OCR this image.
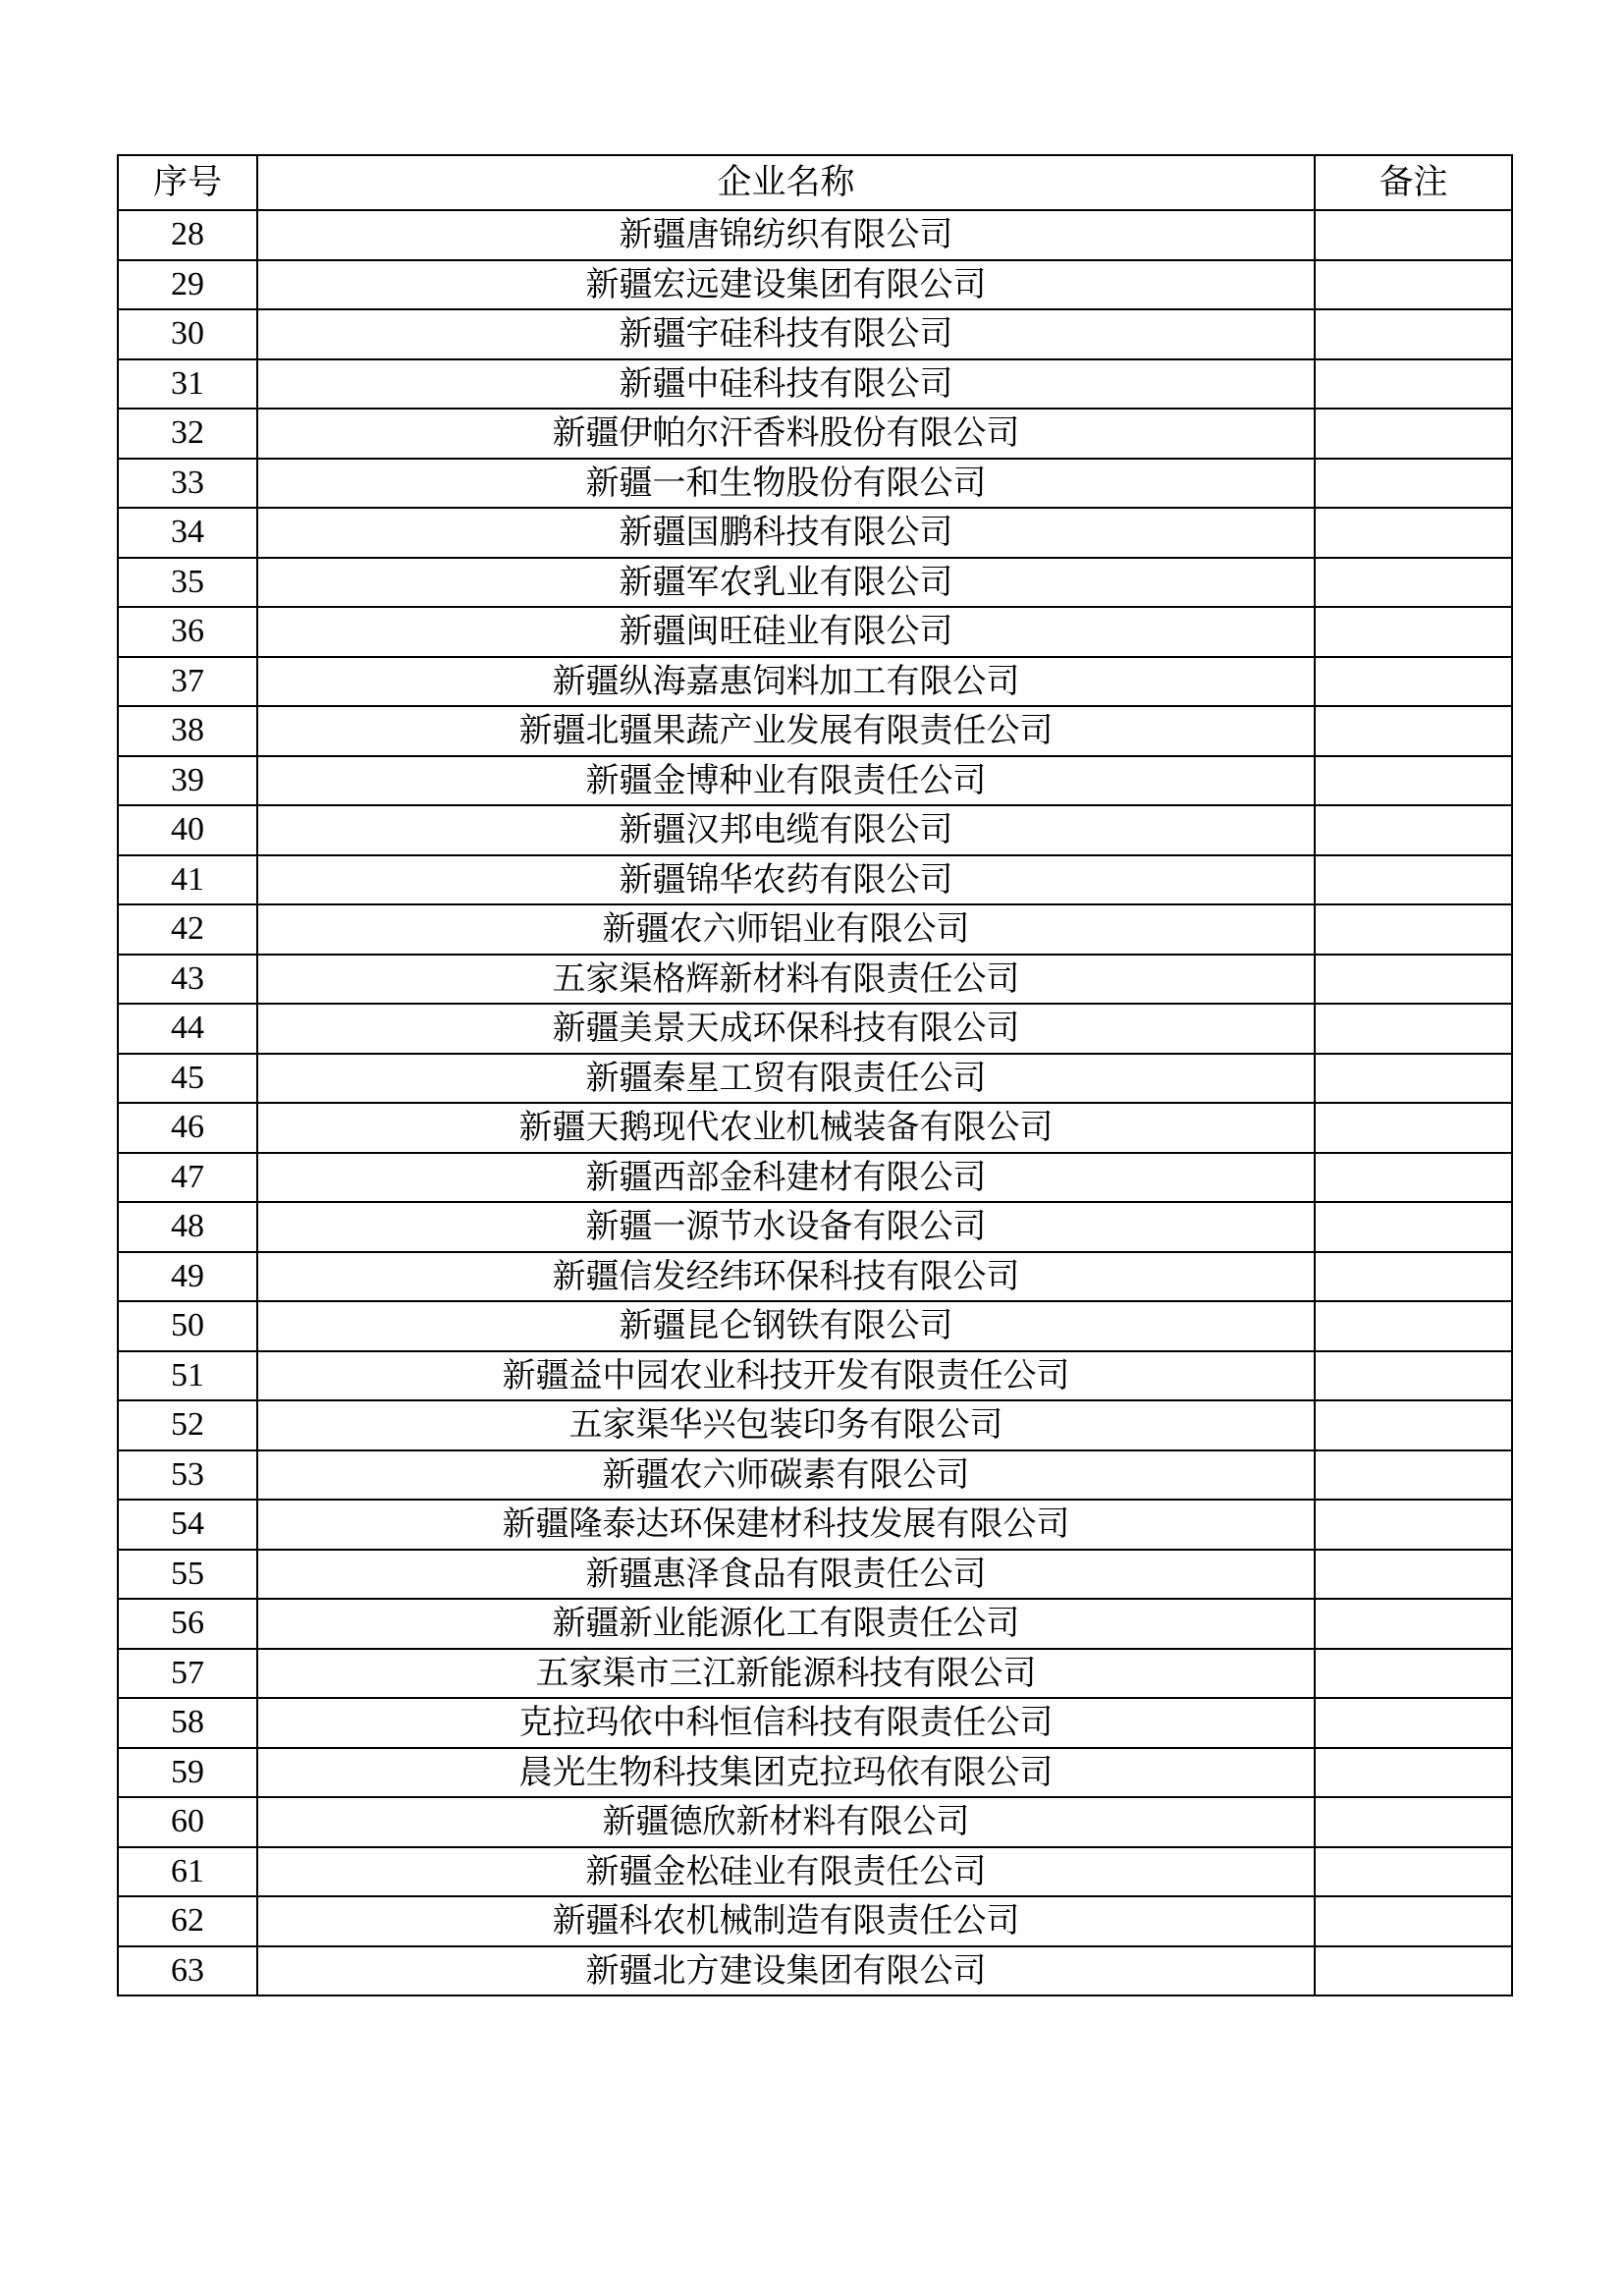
序号	企业名称	备注
28	新疆唐锦纺织有限公司	
29	新疆宏远建设集团有限公司	
30	新疆宇硅科技有限公司	
31	新疆中硅科技有限公司	
32	新疆伊帕尔汗香料股份有限公司	
33	新疆一和生物股份有限公司	
34	新疆国鹏科技有限公司	
35	新疆军农乳业有限公司	
36	新疆闽旺硅业有限公司	
37	新疆纵海嘉惠饲料加工有限公司	
38	新疆北疆果蔬产业发展有限责任公司	
39	新疆金博种业有限责任公司	
40	新疆汉邦电缆有限公司	
41	新疆锦华农药有限公司	
42	新疆农六师铝业有限公司	
43	五家渠格辉新材料有限责任公司	
44	新疆美景天成环保科技有限公司	
45	新疆秦星工贸有限责任公司	
46	新疆天鹅现代农业机械装备有限公司	
47	新疆西部金科建材有限公司	
48	新疆一源节水设备有限公司	
49	新疆信发经纬环保科技有限公司	
50	新疆昆仑钢铁有限公司	
51	新疆益中园农业科技开发有限责任公司	
52	五家渠华兴包装印务有限公司	
53	新疆农六师碳素有限公司	
54	新疆隆泰达环保建材科技发展有限公司	
55	新疆惠泽食品有限责任公司	
56	新疆新业能源化工有限责任公司	
57	五家渠市三江新能源科技有限公司	
58	克拉玛依中科恒信科技有限责任公司	
59	晨光生物科技集团克拉玛依有限公司	
60	新疆德欣新材料有限公司	
61	新疆金松硅业有限责任公司	
62	新疆科农机械制造有限责任公司	
63	新疆北方建设集团有限公司	
